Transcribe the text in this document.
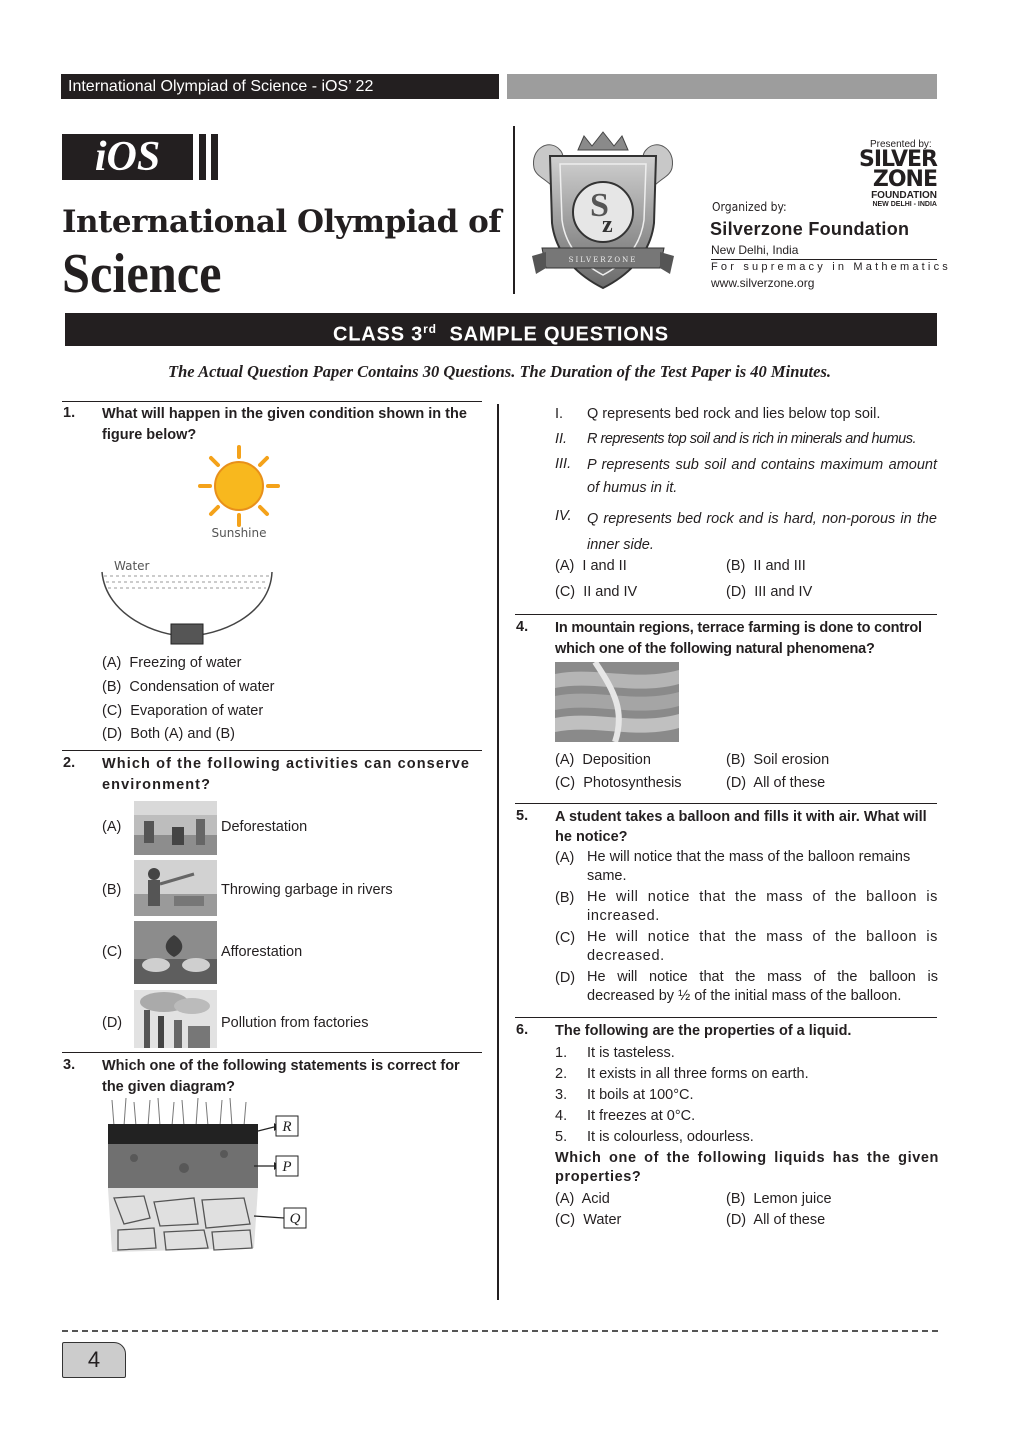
International Olympiad of Science - iOS’ 22
iOS
International Olympiad of
Science
S
z
SILVERZONE
Presented by:
SILVER
ZONE
FOUNDATION
NEW DELHI - INDIA
Organized by:
Silverzone Foundation
New Delhi, India
For supremacy in Mathematics
www.silverzone.org
CLASS 3rd SAMPLE QUESTIONS
The Actual Question Paper Contains 30 Questions. The Duration of the Test Paper is 40 Minutes.
1. What will happen in the given condition shown in the figure below?
Sunshine
Water
(A) Freezing of water
(B) Condensation of water
(C) Evaporation of water
(D) Both (A) and (B)
2. Which of the following activities can conserve environment?
(A)	Deforestation
(B)	Throwing garbage in rivers
(C)	Afforestation
(D)	Pollution from factories
3. Which one of the following statements is correct for the given diagram?
R
P
Q
I. Q represents bed rock and lies below top soil.
II. R represents top soil and is rich in minerals and humus.
III. P represents sub soil and contains maximum amount of humus in it.
IV. Q represents bed rock and is hard, non-porous in the inner side.
(A) I and II	(B) II and III
(C) II and IV	(D) III and IV
4. In mountain regions, terrace farming is done to control which one of the following natural phenomena?
(A) Deposition	(B) Soil erosion
(C) Photosynthesis	(D) All of these
5. A student takes a balloon and fills it with air. What will he notice?
(A) He will notice that the mass of the balloon remains same.
(B) He will notice that the mass of the balloon is increased.
(C) He will notice that the mass of the balloon is decreased.
(D) He will notice that the mass of the balloon is decreased by ½ of the initial mass of the balloon.
6. The following are the properties of a liquid.
1. It is tasteless.
2. It exists in all three forms on earth.
3. It boils at 100°C.
4. It freezes at 0°C.
5. It is colourless, odourless.
Which one of the following liquids has the given properties?
(A) Acid	(B) Lemon juice
(C) Water	(D) All of these
4
